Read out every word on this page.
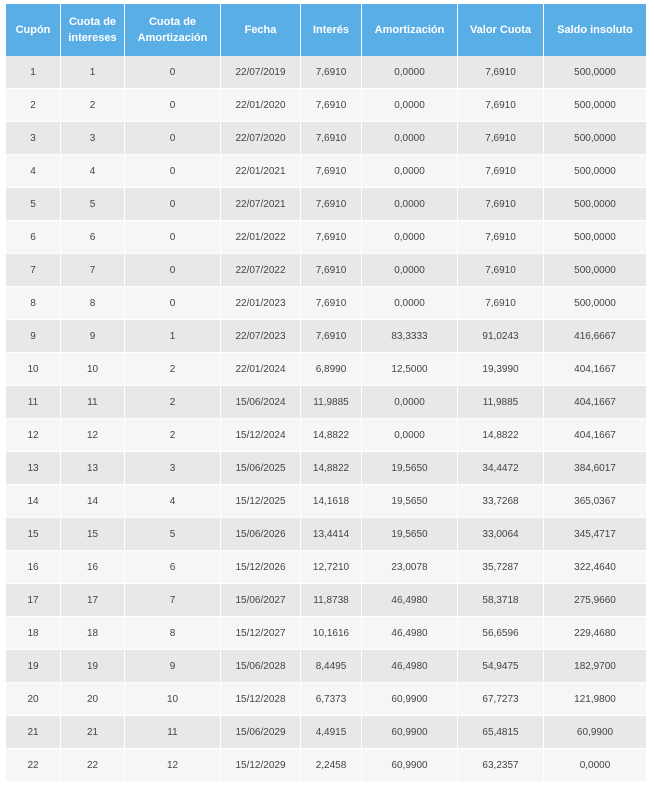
Cupón	Cuota de intereses	Cuota de Amortización	Fecha	Interés	Amortización	Valor Cuota	Saldo insoluto
1	1	0	22/07/2019	7,6910	0,0000	7,6910	500,0000
2	2	0	22/01/2020	7,6910	0,0000	7,6910	500,0000
3	3	0	22/07/2020	7,6910	0,0000	7,6910	500,0000
4	4	0	22/01/2021	7,6910	0,0000	7,6910	500,0000
5	5	0	22/07/2021	7,6910	0,0000	7,6910	500,0000
6	6	0	22/01/2022	7,6910	0,0000	7,6910	500,0000
7	7	0	22/07/2022	7,6910	0,0000	7,6910	500,0000
8	8	0	22/01/2023	7,6910	0,0000	7,6910	500,0000
9	9	1	22/07/2023	7,6910	83,3333	91,0243	416,6667
10	10	2	22/01/2024	6,8990	12,5000	19,3990	404,1667
11	11	2	15/06/2024	11,9885	0,0000	11,9885	404,1667
12	12	2	15/12/2024	14,8822	0,0000	14,8822	404,1667
13	13	3	15/06/2025	14,8822	19,5650	34,4472	384,6017
14	14	4	15/12/2025	14,1618	19,5650	33,7268	365,0367
15	15	5	15/06/2026	13,4414	19,5650	33,0064	345,4717
16	16	6	15/12/2026	12,7210	23,0078	35,7287	322,4640
17	17	7	15/06/2027	11,8738	46,4980	58,3718	275,9660
18	18	8	15/12/2027	10,1616	46,4980	56,6596	229,4680
19	19	9	15/06/2028	8,4495	46,4980	54,9475	182,9700
20	20	10	15/12/2028	6,7373	60,9900	67,7273	121,9800
21	21	11	15/06/2029	4,4915	60,9900	65,4815	60,9900
22	22	12	15/12/2029	2,2458	60,9900	63,2357	0,0000
